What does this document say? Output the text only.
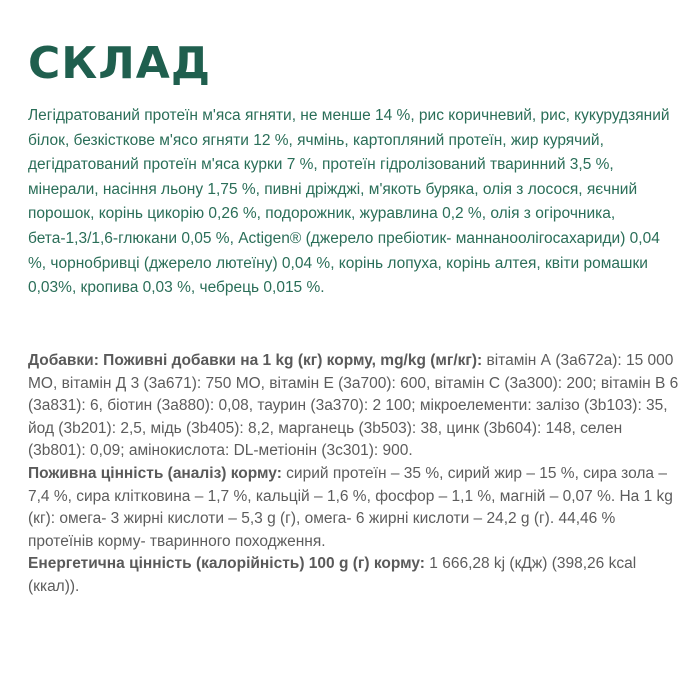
СКЛАД

Легідратований протеїн м'яса ягняти, не менше 14 %, рис коричневий, рис, кукурудзяний білок, безкісткове м'ясо ягняти 12 %, ячмінь, картопляний протеїн, жир курячий, дегідратований протеїн м'яса курки 7 %, протеїн гідролізований тваринний 3,5 %, мінерали, насіння льону 1,75 %, пивні дріжджі, м'якоть буряка, олія з лосося, яєчний порошок, корінь цикорію 0,26 %, подорожник, журавлина 0,2 %, олія з огірочника, бета-1,3/1,6-глюкани 0,05 %, Actigen® (джерело пребіотик- маннаноолігосахариди) 0,04 %, чорнобривці (джерело лютеїну) 0,04 %, корінь лопуха, корінь алтея, квіти ромашки 0,03%, кропива 0,03 %, чебрець 0,015 %.

Добавки: Поживні добавки на 1 kg (кг) корму, mg/kg (мг/кг): вітамін А (3a672a): 15 000 МО, вітамін Д 3 (3a671): 750 МО, вітамін Е (3a700): 600, вітамін С (3a300): 200; вітамін В 6 (3a831): 6, біотин (3a880): 0,08, таурин (3a370): 2 100; мікроелементи: залізо (3b103): 35, йод (3b201): 2,5, мідь (3b405): 8,2, марганець (3b503): 38, цинк (3b604): 148, селен (3b801): 0,09; амінокислота: DL-метіонін (3c301): 900.

Поживна цінність (аналіз) корму: сирий протеїн – 35 %, сирий жир – 15 %, сира зола – 7,4 %, сира клітковина – 1,7 %, кальцій – 1,6 %, фосфор – 1,1 %, магній – 0,07 %. На 1 kg (кг): омега- 3 жирні кислоти – 5,3 g (г), омега- 6 жирні кислоти – 24,2 g (г). 44,46 % протеїнів корму- тваринного походження.

Енергетична цінність (калорійність) 100 g (г) корму: 1 666,28 kj (кДж) (398,26 kcal (ккал)).
